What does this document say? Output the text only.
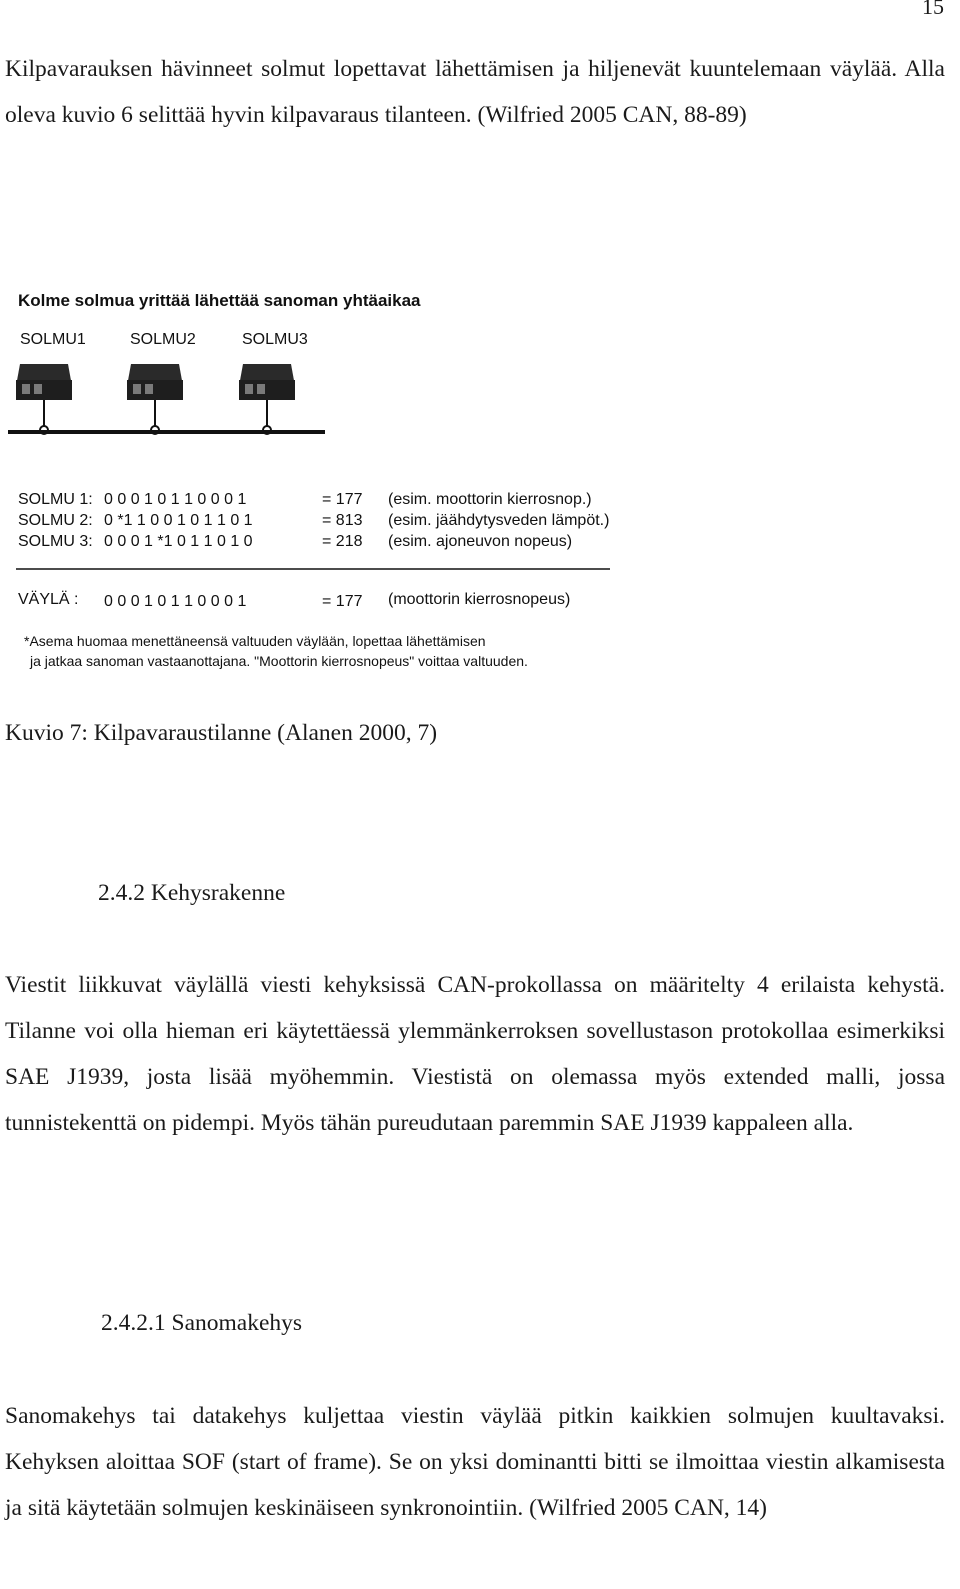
15

Kilpavarauksen hävinneet solmut lopettavat lähettämisen ja hiljenevät kuuntelemaan väylää. Alla oleva kuvio 6 selittää hyvin kilpavaraus tilanteen. (Wilfried 2005 CAN, 88-89)

Kolme solmua yrittää lähettää sanoman yhtäaikaa
SOLMU1	SOLMU2	SOLMU3
SOLMU 1: 0 0 0 1 0 1 1 0 0 0 1	= 177 (esim. moottorin kierrosnop.)
SOLMU 2: 0 *1 1 0 0 1 0 1 1 0 1	= 813 (esim. jäähdytysveden lämpöt.)
SOLMU 3: 0 0 0 1 *1 0 1 1 0 1 0	= 218 (esim. ajoneuvon nopeus)
VÄYLÄ : 0 0 0 1 0 1 1 0 0 0 1	= 177 (moottorin kierrosnopeus)
*Asema huomaa menettäneensä valtuuden väylään, lopettaa lähettämisen
ja jatkaa sanoman vastaanottajana. "Moottorin kierrosnopeus" voittaa valtuuden.
Kuvio 7: Kilpavaraustilanne (Alanen 2000, 7)
2.4.2 Kehysrakenne

Viestit liikkuvat väylällä viesti kehyksissä CAN-prokollassa on määritelty 4 erilaista kehystä. Tilanne voi olla hieman eri käytettäessä ylemmänkerroksen sovellustason protokollaa esimerkiksi SAE J1939, josta lisää myöhemmin. Viestistä on olemassa myös extended malli, jossa tunnistekenttä on pidempi. Myös tähän pureudutaan paremmin SAE J1939 kappaleen alla.

2.4.2.1 Sanomakehys

Sanomakehys tai datakehys kuljettaa viestin väylää pitkin kaikkien solmujen kuultavaksi. Kehyksen aloittaa SOF (start of frame). Se on yksi dominantti bitti se ilmoittaa viestin alkamisesta ja sitä käytetään solmujen keskinäiseen synkronointiin. (Wilfried 2005 CAN, 14)
